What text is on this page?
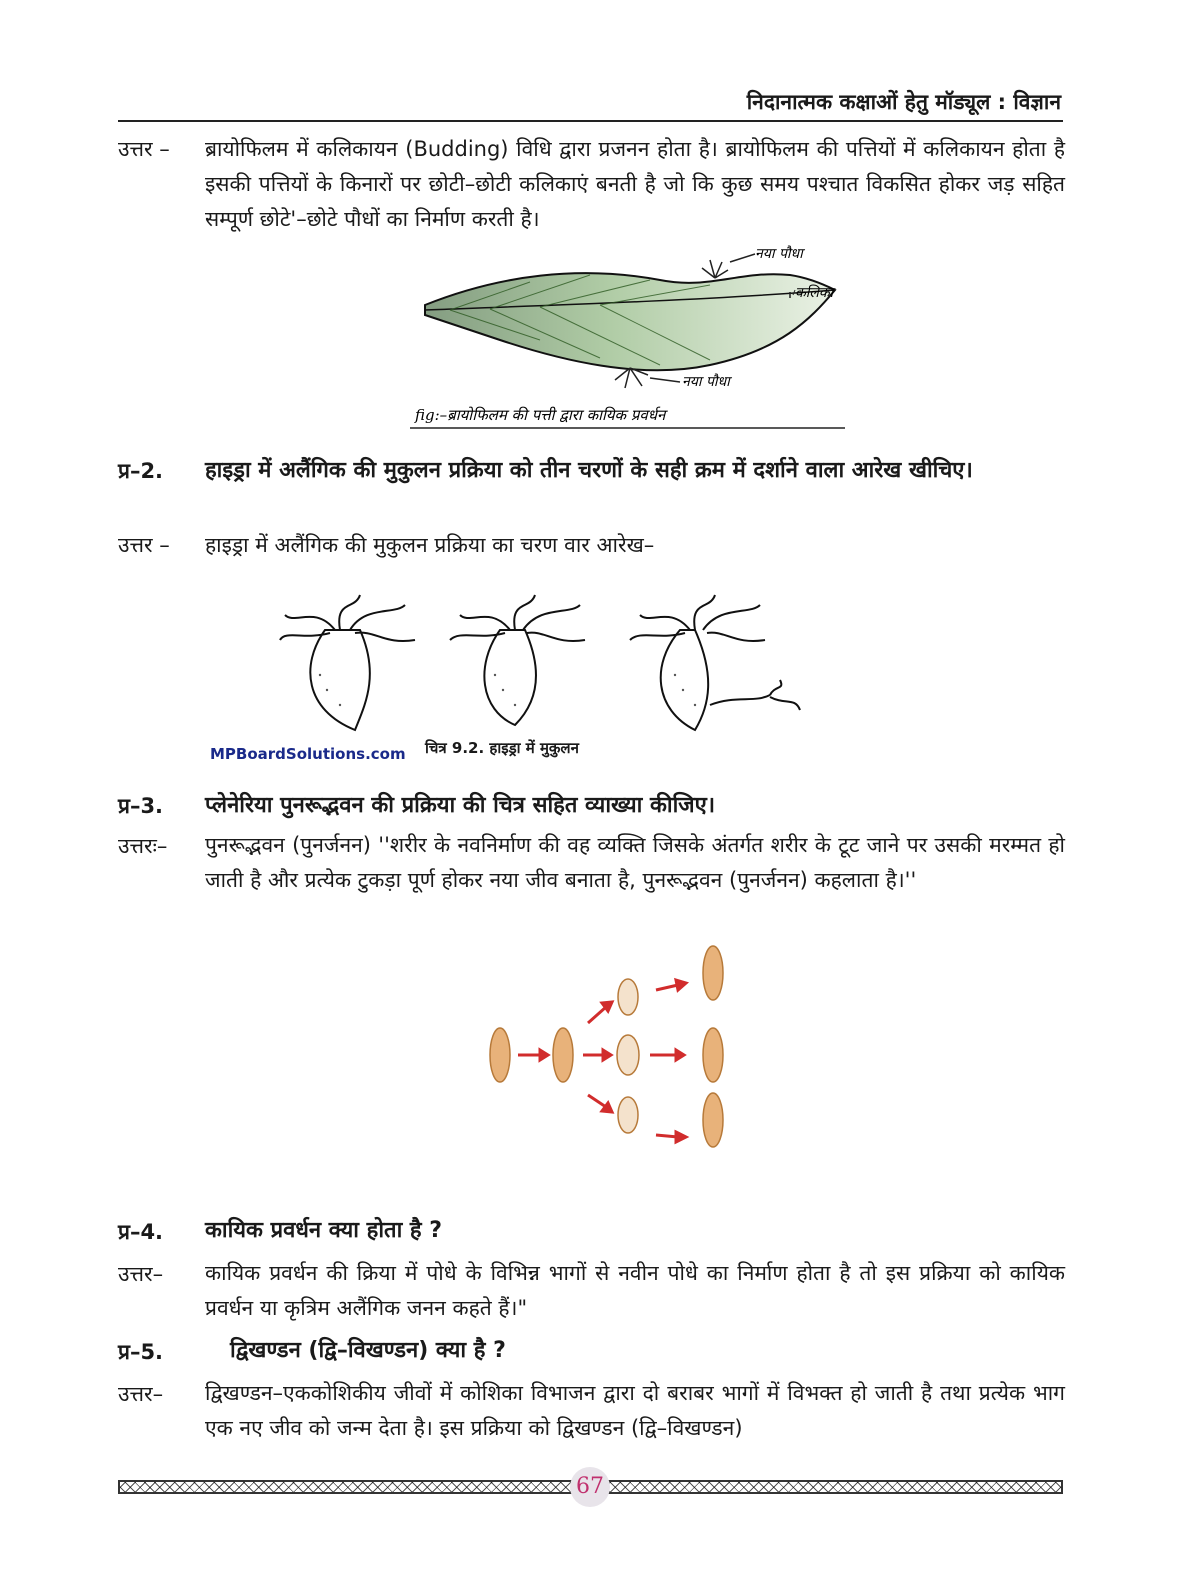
निदानात्मक कक्षाओं हेतु मॉड्यूल : विज्ञान
उत्तर – ब्रायोफिलम में कलिकायन (Budding) विधि द्वारा प्रजनन होता है। ब्रायोफिलम की पत्तियों में कलिकायन होता है इसकी पत्तियों के किनारों पर छोटी–छोटी कलिकाएं बनती है जो कि कुछ समय पश्चात विकसित होकर जड़ सहित सम्पूर्ण छोटे'–छोटे पौधों का निर्माण करती है।
नया पौधा
कलिका
नया पौधा
fig:–ब्रायोफिलम की पत्ती द्वारा कायिक प्रवर्धन
प्र–2. हाइड्रा में अलैंगिक की मुकुलन प्रक्रिया को तीन चरणों के सही क्रम में दर्शाने वाला आरेख खीचिए।
उत्तर – हाइड्रा में अलैंगिक की मुकुलन प्रक्रिया का चरण वार आरेख–
MPBoardSolutions.com चित्र 9.2. हाइड्रा में मुकुलन
प्र–3. प्लेनेरिया पुनरूद्भवन की प्रक्रिया की चित्र सहित व्याख्या कीजिए।
उत्तरः– पुनरूद्भवन (पुनर्जनन) ''शरीर के नवनिर्माण की वह व्यक्ति जिसके अंतर्गत शरीर के टूट जाने पर उसकी मरम्मत हो जाती है और प्रत्येक टुकड़ा पूर्ण होकर नया जीव बनाता है, पुनरूद्भवन (पुनर्जनन) कहलाता है।''
प्र–4. कायिक प्रवर्धन क्या होता है ?
उत्तर– कायिक प्रवर्धन की क्रिया में पोधे के विभिन्न भागों से नवीन पोधे का निर्माण होता है तो इस प्रक्रिया को कायिक प्रवर्धन या कृत्रिम अलैंगिक जनन कहते हैं।"
प्र–5.	द्विखण्डन (द्वि–विखण्डन) क्या है ?
उत्तर– द्विखण्डन–एककोशिकीय जीवों में कोशिका विभाजन द्वारा दो बराबर भागों में विभक्त हो जाती है तथा प्रत्येक भाग एक नए जीव को जन्म देता है। इस प्रक्रिया को द्विखण्डन (द्वि–विखण्डन)
67
